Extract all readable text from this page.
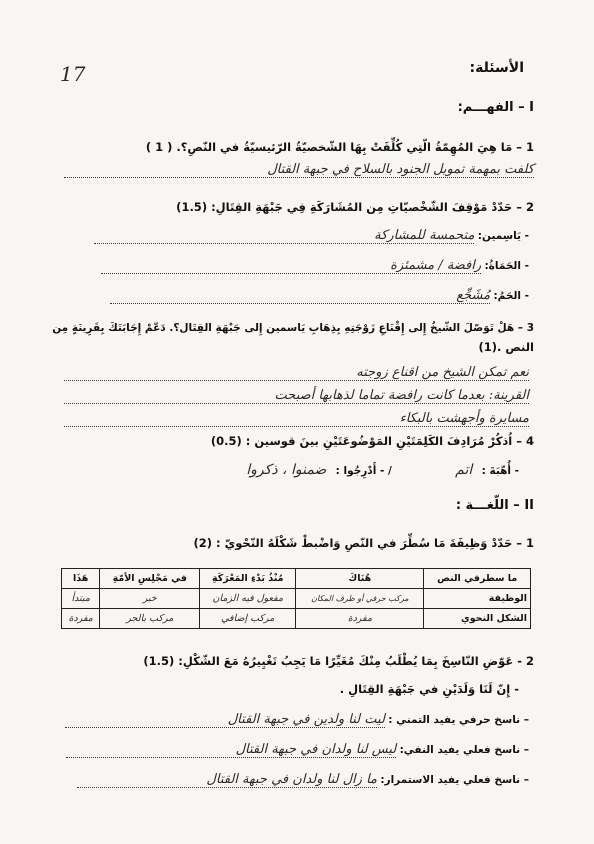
17	الأسئلة:
I – الفهـــم:
1 – مَا هِيَ المُهِمّةُ الّتِي كُلِّفَتْ بِهَا الشّخصيّةُ الرّئيسيّةُ في النّصِ؟. ( 1 )
كلفت بمهمة تمويل الجنود بالسلاح في جبهة القتال
2 – حَدّدْ مَوْقِفَ الشّخْصيّاتِ مِن المُشَارَكَةِ فِي جَبْهَةِ القِتَالِ: (1.5)
- يَاسِمين: متحمسة للمشاركة
- الحَمَاةُ: رافضة / مشمئزة
- الحَمُ: مُشَجِّع
3 – هَلْ تَوَصّلَ الشّيخُ إِلى إِقْنَاعِ زَوْجَتِهِ بِذِهَابِ يَاسمين إِلى جَبْهَةِ القِتَال؟. دَعّمْ إِجَابَتَكَ بِقَرِينَةٍ مِن
النص .(1)
نعم تمكن الشيخ من اقناع زوجته
القرينة: بعدما كانت رافضة تماما لذهابها أصبحت
مسايرة وأجهشت بالبكاء
4 – اُذكُرْ مُرَادِفَ الكَلِمَتَيْنِ المَوْضُوعَتَيْنِ بينَ قوسين : (0.5)
- أُهّبَةَ : اتم / - أَدْرِجُوا : ضمنوا ، ذكروا
II – اللّغـــة :
1 – حَدّدْ وَظِيفَةَ مَا سُطِّرَ في النّصِ وَاضْبطْ شَكْلَهُ النّحْويّ : (2)
ما سطرفي النص	هُنَاكَ	مُنْذُ بَدْءِ المَعْرَكَةِ	في مَجْلِسِ الأمّةِ	هَذَا
الوظيفة	مركب حرفي أو ظرف المكان	مفعول فيه الزمان	خبر	مبتدأ
الشكل النحوي	مفردة	مركب إضافي	مركب بالجر	مفردة
2 - عَوّضِ النّاسِخَ بِمَا يُطْلَبُ مِنْكَ مُغَيِّرًا مَا يَجِبُ تَغْيِيرُهُ مَعَ الشّكْلِ: (1.5)
- إِنّ لَنَا وَلَدَيْنِ في جَبْهَةِ القِتَالِ .
– ناسخ حرفي يفيد التمني : ليت لنا ولدين في جبهة القتال
– ناسخ فعلي يفيد النفي: ليس لنا ولدان في جبهة القتال
– ناسخ فعلي يفيد الاستمرار: ما زال لنا ولدان في جبهة القتال
